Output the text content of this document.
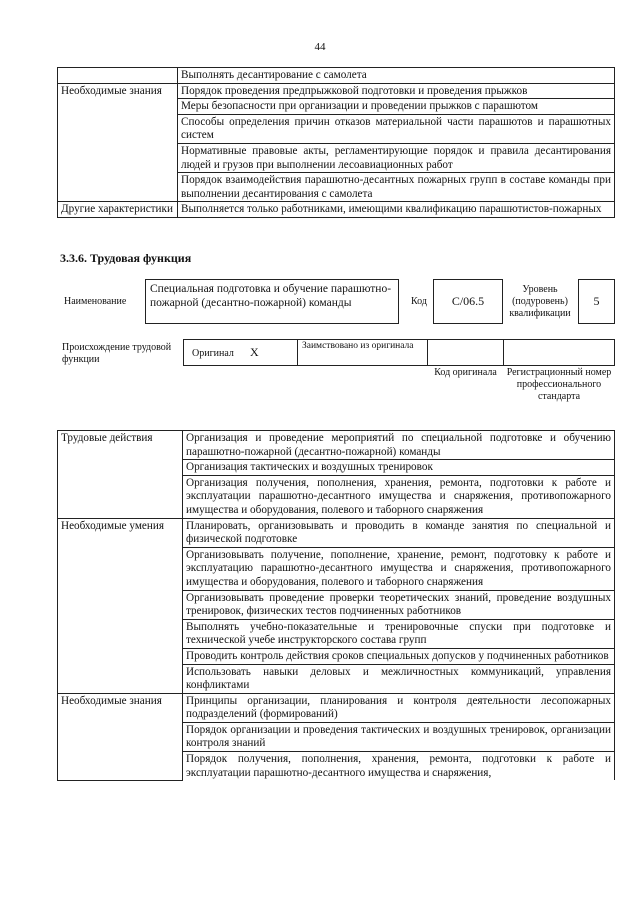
44
	Выполнять десантирование с самолета
Необходимые знания	Порядок проведения предпрыжковой подготовки и проведения прыжков
	Меры безопасности при организации и проведении прыжков с парашютом
	Способы определения причин отказов материальной части парашютов и парашютных систем
	Нормативные правовые акты, регламентирующие порядок и правила десантирования людей и грузов при выполнении лесоавиационных работ
	Порядок взаимодействия парашютно-десантных пожарных групп в составе команды при выполнении десантирования с самолета
Другие характеристики	Выполняется только работниками, имеющими квалификацию парашютистов-пожарных
3.3.6. Трудовая функция
Наименование
Специальная подготовка и обучение парашютно-пожарной (десантно-пожарной) команды	Код	C/06.5
Уровень (подуровень) квалификации
5
Происхождение трудовой функции
Оригинал X	Заимствовано из оригинала
Код оригинала Регистрационный номер профессионального стандарта
Трудовые действия	Организация и проведение мероприятий по специальной подготовке и обучению парашютно-пожарной (десантно-пожарной) команды
	Организация тактических и воздушных тренировок
	Организация получения, пополнения, хранения, ремонта, подготовки к работе и эксплуатации парашютно-десантного имущества и снаряжения, противопожарного имущества и оборудования, полевого и таборного снаряжения
Необходимые умения	Планировать, организовывать и проводить в команде занятия по специальной и физической подготовке
	Организовывать получение, пополнение, хранение, ремонт, подготовку к работе и эксплуатацию парашютно-десантного имущества и снаряжения, противопожарного имущества и оборудования, полевого и таборного снаряжения
	Организовывать проведение проверки теоретических знаний, проведение воздушных тренировок, физических тестов подчиненных работников
	Выполнять учебно-показательные и тренировочные спуски при подготовке и технической учебе инструкторского состава групп
	Проводить контроль действия сроков специальных допусков у подчиненных работников
	Использовать навыки деловых и межличностных коммуникаций, управления конфликтами
Необходимые знания	Принципы организации, планирования и контроля деятельности лесопожарных подразделений (формирований)
	Порядок организации и проведения тактических и воздушных тренировок, организации контроля знаний
	Порядок получения, пополнения, хранения, ремонта, подготовки к работе и эксплуатации парашютно-десантного имущества и снаряжения,
